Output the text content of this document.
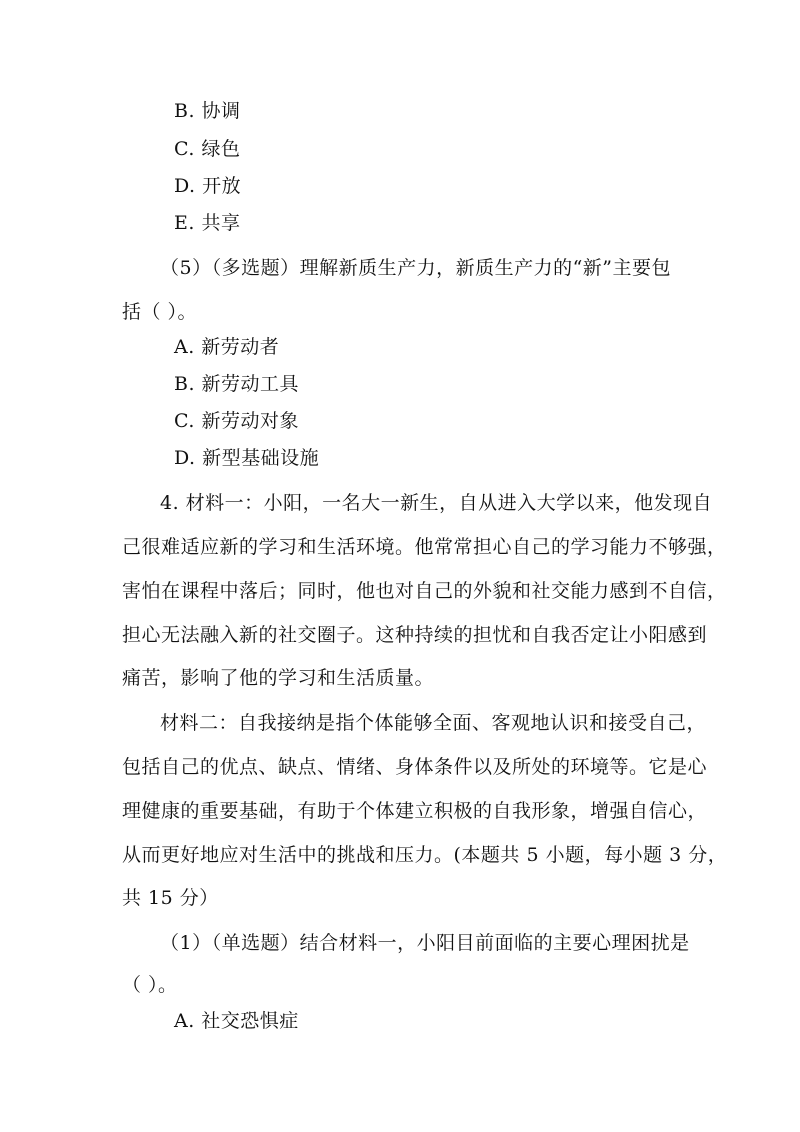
B. 协调
C. 绿色
D. 开放
E. 共享
（5）（多选题）理解新质生产力，新质生产力的“新”主要包
括（ ）。
A. 新劳动者
B. 新劳动工具
C. 新劳动对象
D. 新型基础设施
4. 材料一：小阳，一名大一新生，自从进入大学以来，他发现自
己很难适应新的学习和生活环境。他常常担心自己的学习能力不够强，
害怕在课程中落后；同时，他也对自己的外貌和社交能力感到不自信，
担心无法融入新的社交圈子。这种持续的担忧和自我否定让小阳感到
痛苦，影响了他的学习和生活质量。
材料二：自我接纳是指个体能够全面、客观地认识和接受自己，
包括自己的优点、缺点、情绪、身体条件以及所处的环境等。它是心
理健康的重要基础，有助于个体建立积极的自我形象，增强自信心，
从而更好地应对生活中的挑战和压力。(本题共 5 小题，每小题 3 分，
共 15 分）
（1）（单选题）结合材料一，小阳目前面临的主要心理困扰是
（ ）。
A. 社交恐惧症
